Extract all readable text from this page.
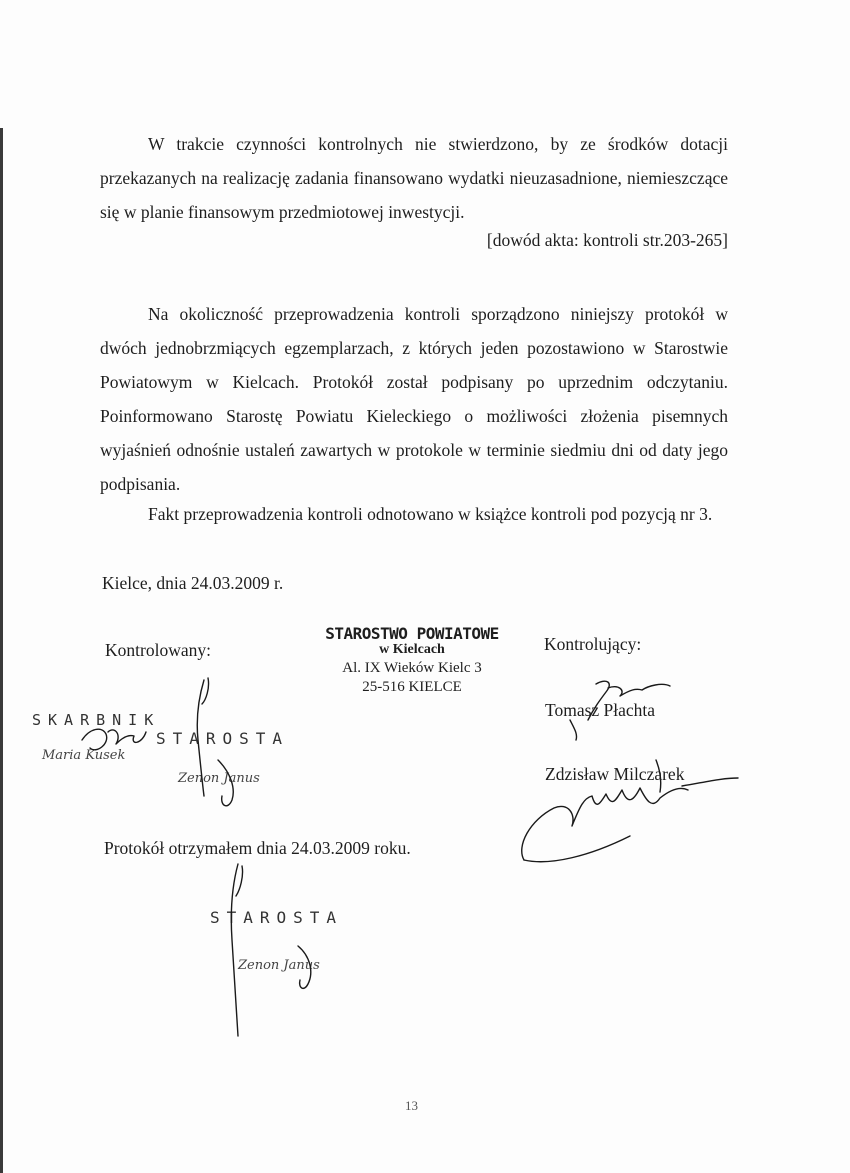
W trakcie czynności kontrolnych nie stwierdzono, by ze środków dotacji przekazanych na realizację zadania finansowano wydatki nieuzasadnione, niemieszczące się w planie finansowym przedmiotowej inwestycji.

[dowód akta: kontroli str.203-265]

Na okoliczność przeprowadzenia kontroli sporządzono niniejszy protokół w dwóch jednobrzmiących egzemplarzach, z których jeden pozostawiono w Starostwie Powiatowym w Kielcach. Protokół został podpisany po uprzednim odczytaniu. Poinformowano Starostę Powiatu Kieleckiego o możliwości złożenia pisemnych wyjaśnień odnośnie ustaleń zawartych w protokole w terminie siedmiu dni od daty jego podpisania.

Fakt przeprowadzenia kontroli odnotowano w książce kontroli pod pozycją nr 3.

Kielce, dnia 24.03.2009 r.
Kontrolowany:
STAROSTWO POWIATOWE
w Kielcach
Al. IX Wieków Kielc 3
25-516 KIELCE
Kontrolujący:
Tomasz Płachta
Zdzisław Milczarek
SKARBNIK
Maria Kusek
STAROSTA
Zenon Janus
Protokół otrzymałem dnia 24.03.2009 roku.
STAROSTA
Zenon Janus
13
